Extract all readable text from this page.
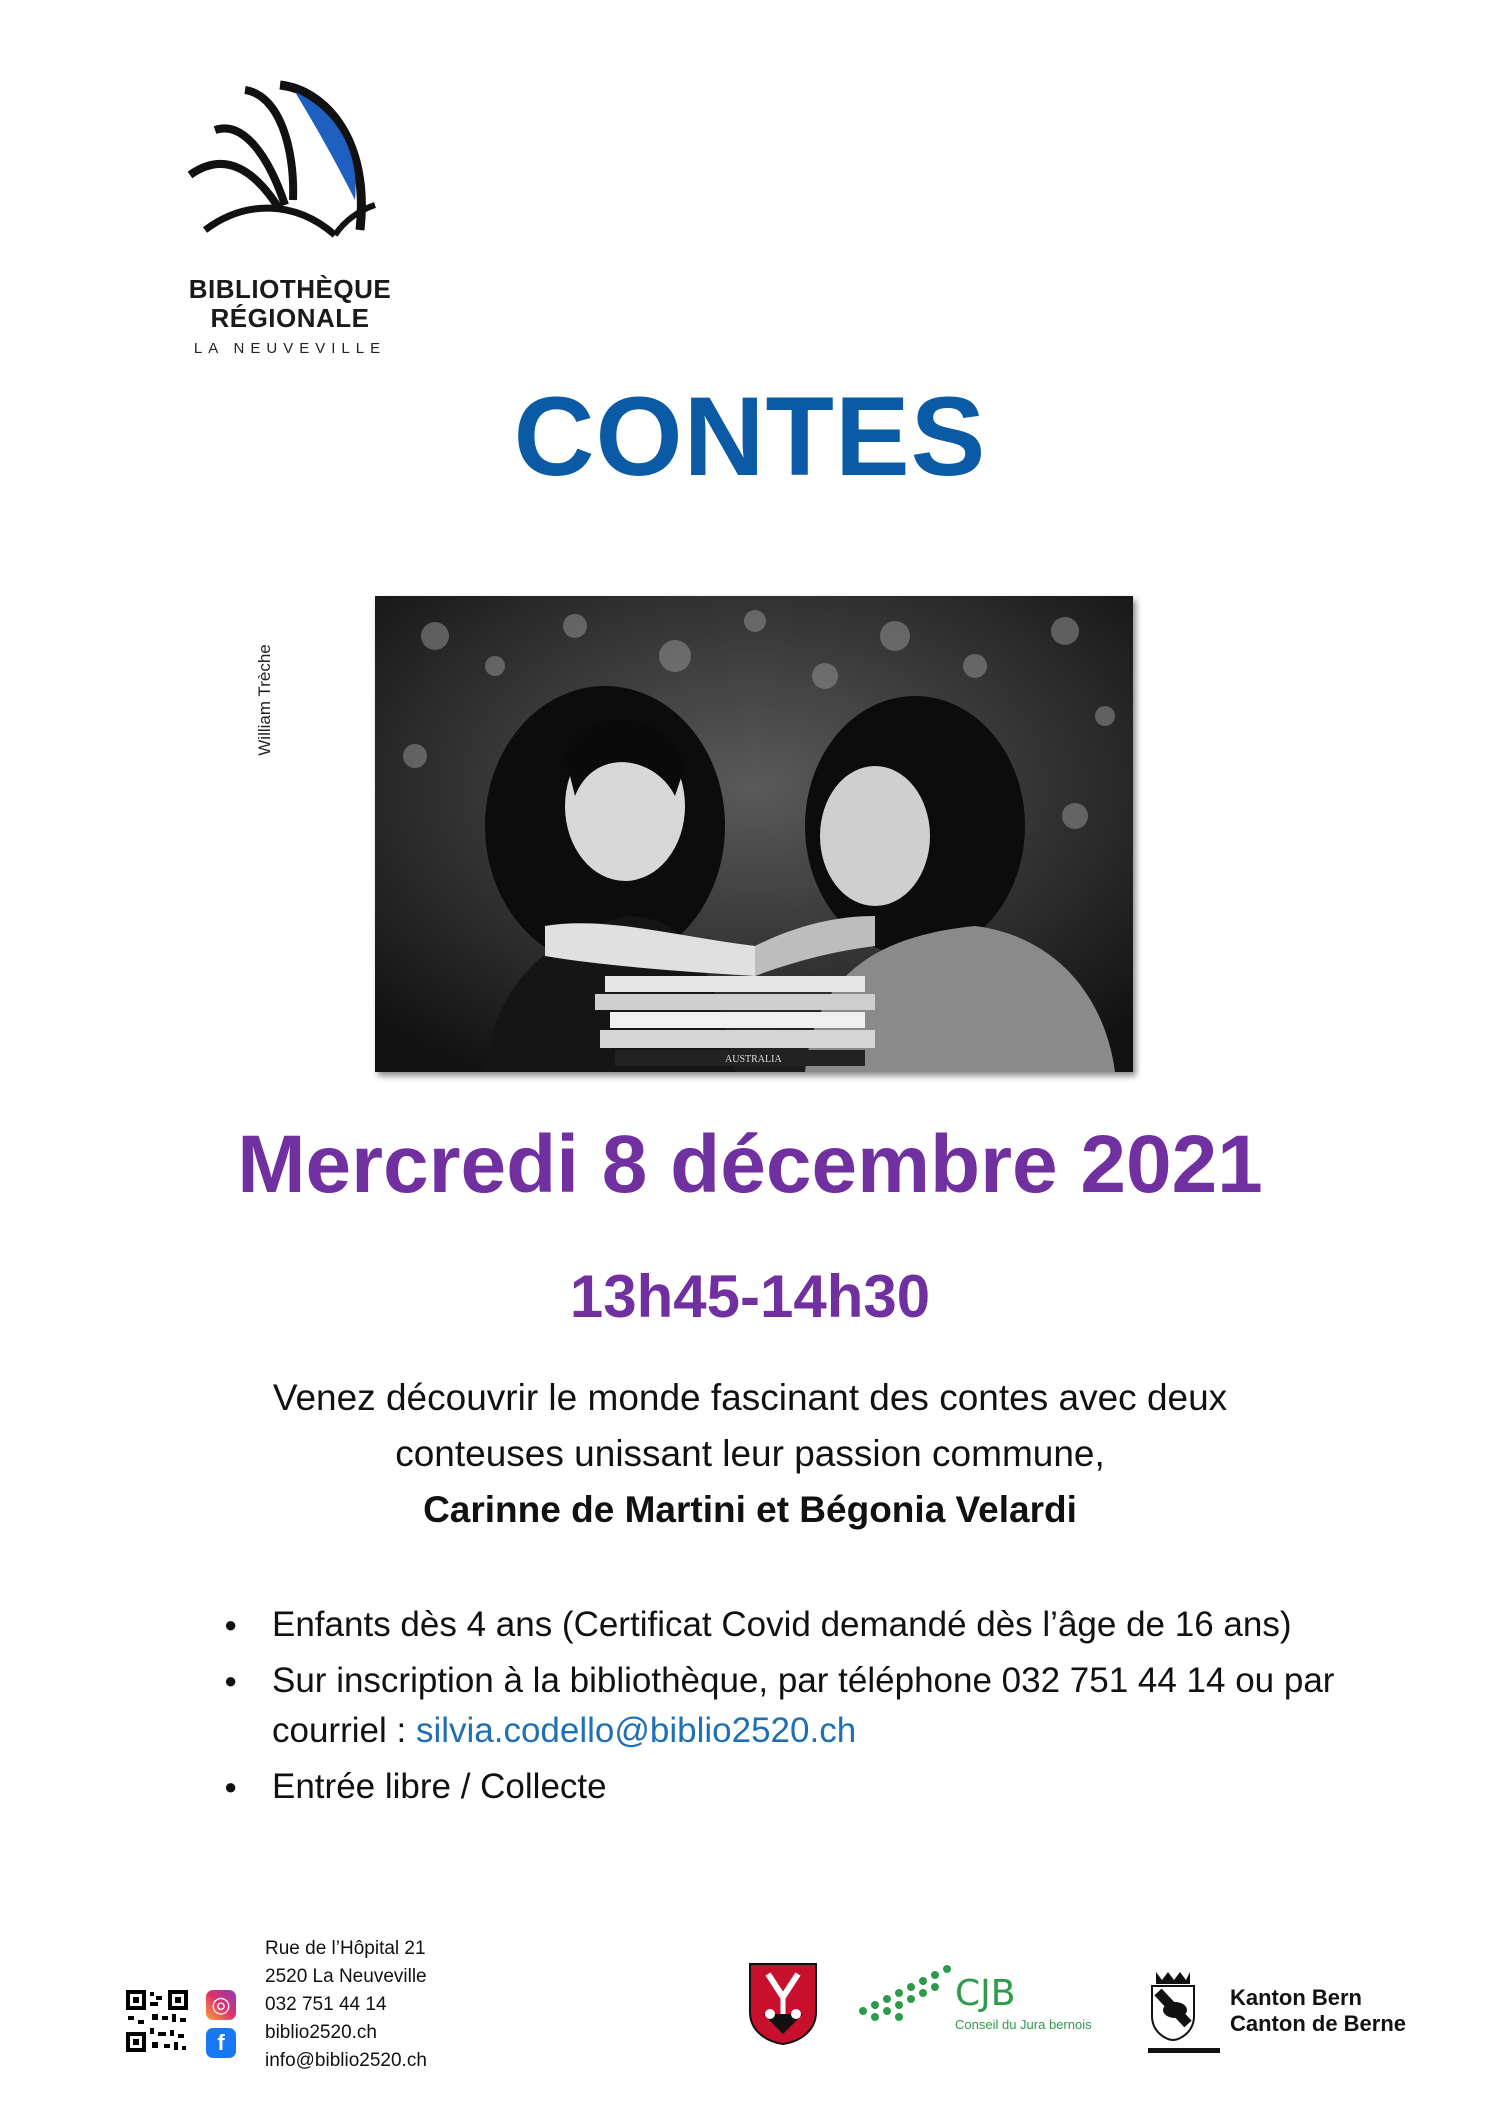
BIBLIOTHÈQUE
RÉGIONALE
LA NEUVEVILLE
CONTES
William Trèche
AUSTRALIA
Mercredi 8 décembre 2021
13h45-14h30
Venez découvrir le monde fascinant des contes avec deux
conteuses unissant leur passion commune,
Carinne de Martini et Bégonia Velardi
● Enfants dès 4 ans (Certificat Covid demandé dès l’âge de 16 ans)
● Sur inscription à la bibliothèque, par téléphone 032 751 44 14 ou par courriel : silvia.codello@biblio2520.ch
● Entrée libre / Collecte
◎
f
Rue de l’Hôpital 21
2520 La Neuveville
032 751 44 14
biblio2520.ch
info@biblio2520.ch
CJB
Conseil du Jura bernois
Kanton Bern
Canton de Berne
